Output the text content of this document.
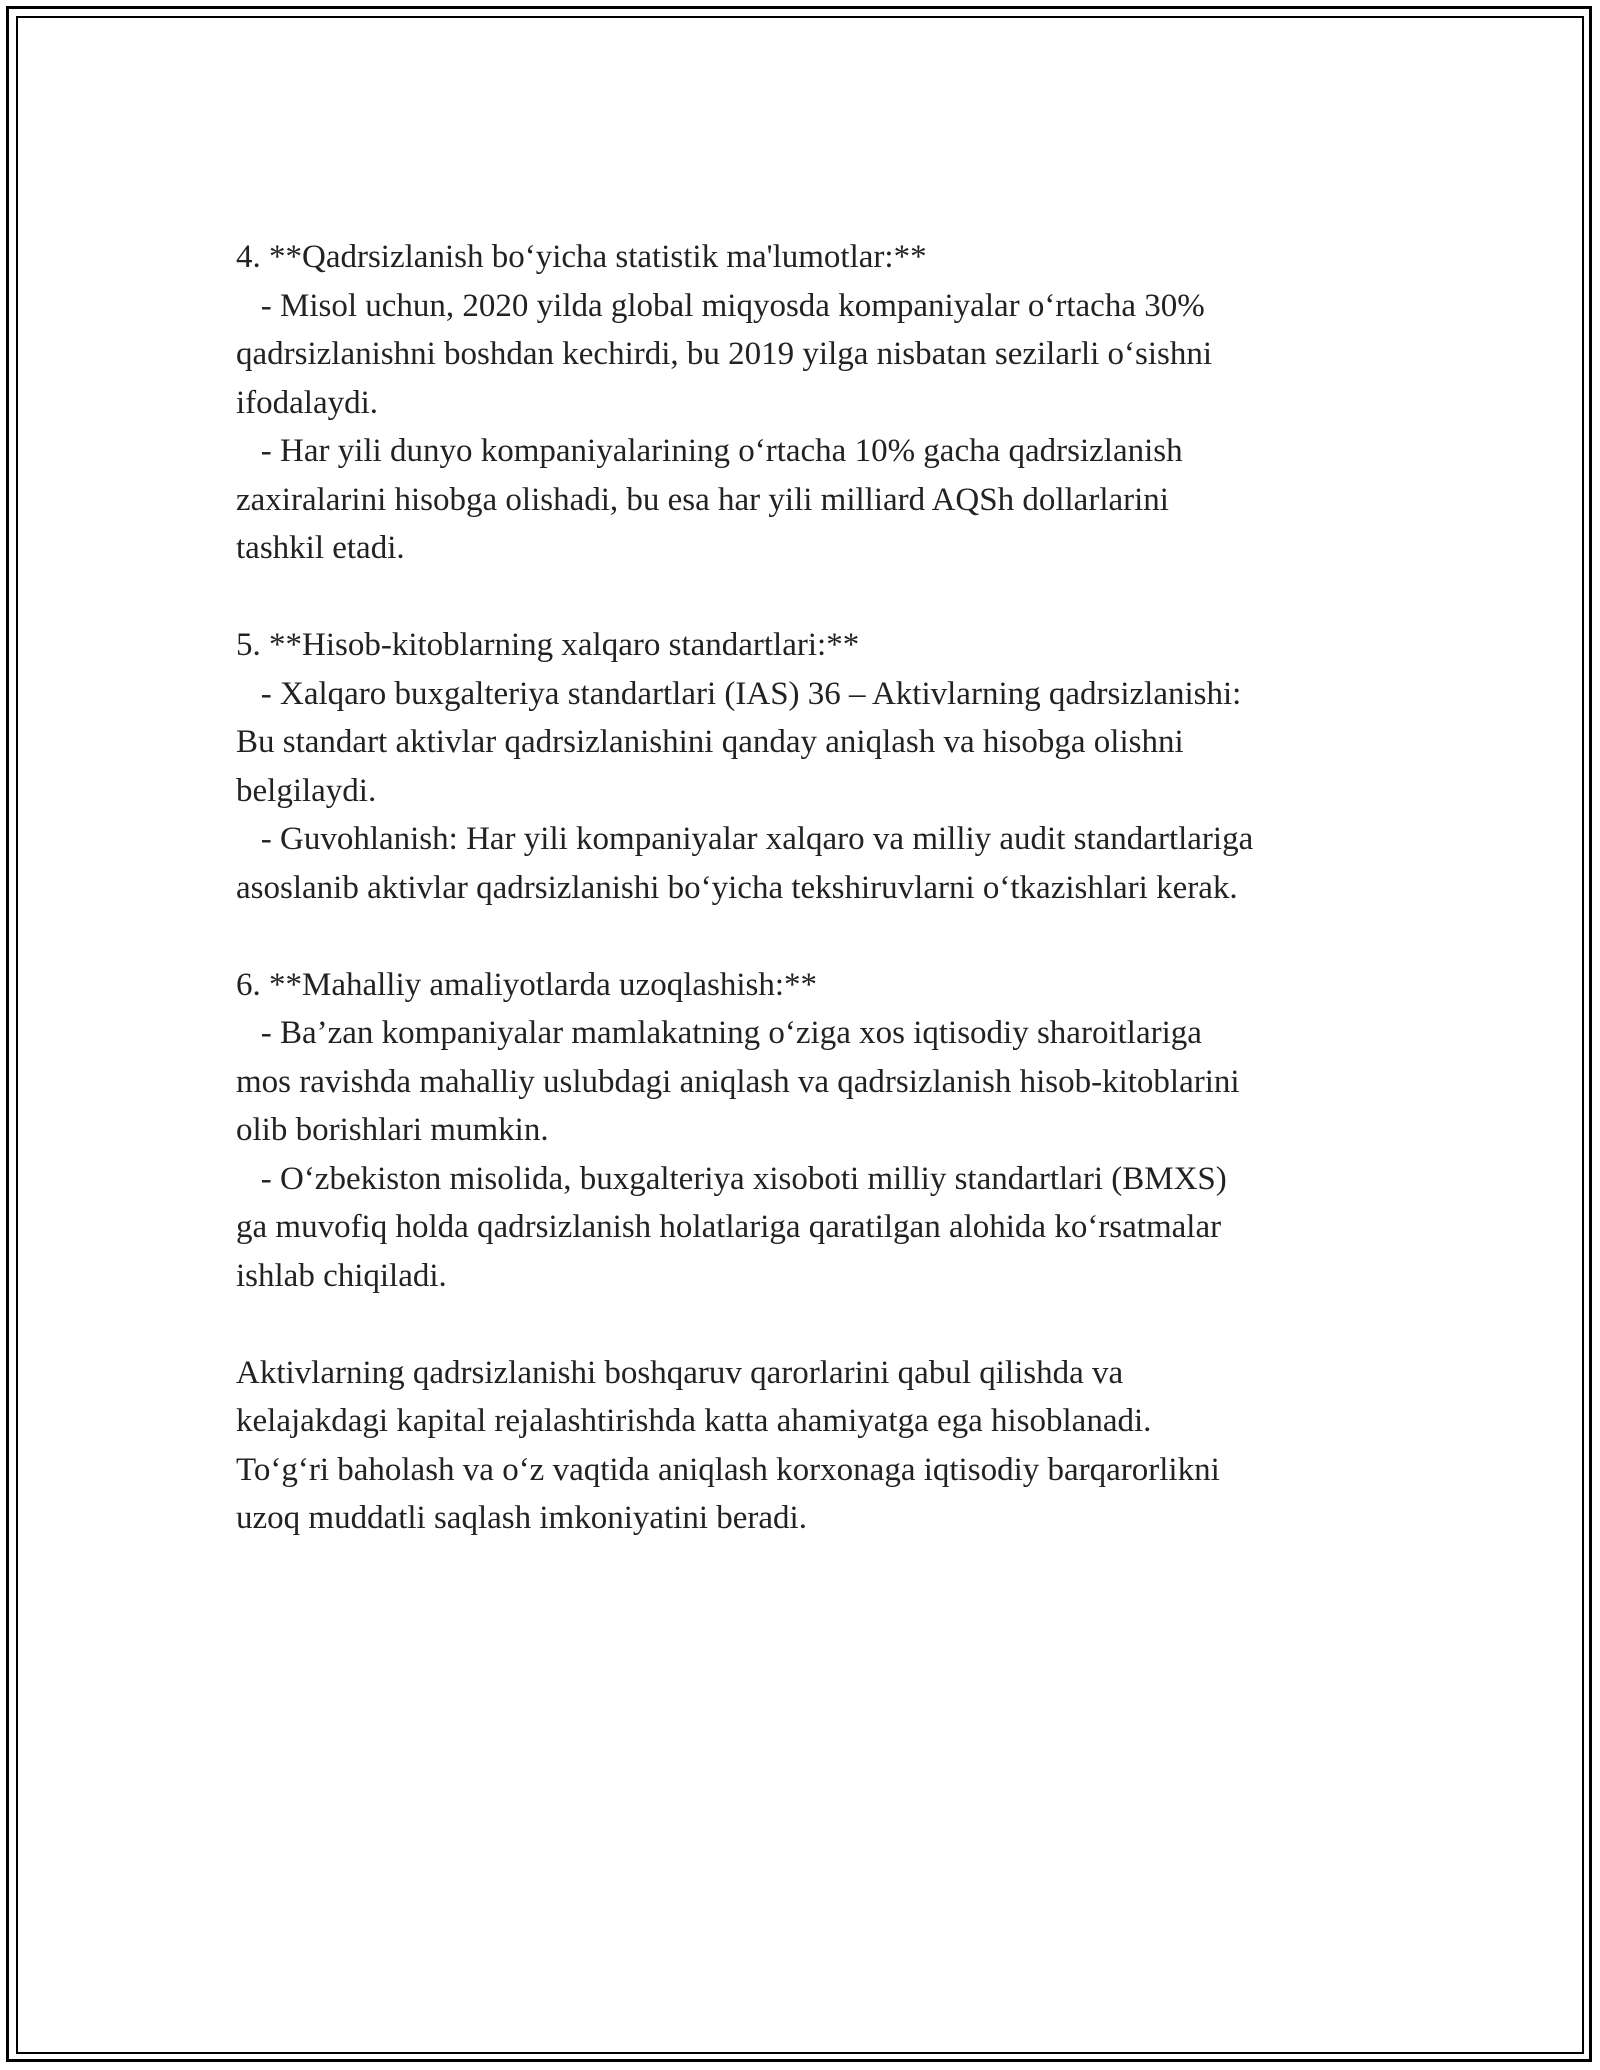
4. **Qadrsizlanish boʻyicha statistik ma'lumotlar:**
- Misol uchun, 2020 yilda global miqyosda kompaniyalar oʻrtacha 30%
qadrsizlanishni boshdan kechirdi, bu 2019 yilga nisbatan sezilarli oʻsishni
ifodalaydi.
- Har yili dunyo kompaniyalarining oʻrtacha 10% gacha qadrsizlanish
zaxiralarini hisobga olishadi, bu esa har yili milliard AQSh dollarlarini
tashkil etadi.
5. **Hisob-kitoblarning xalqaro standartlari:**
- Xalqaro buxgalteriya standartlari (IAS) 36 – Aktivlarning qadrsizlanishi:
Bu standart aktivlar qadrsizlanishini qanday aniqlash va hisobga olishni
belgilaydi.
- Guvohlanish: Har yili kompaniyalar xalqaro va milliy audit standartlariga
asoslanib aktivlar qadrsizlanishi boʻyicha tekshiruvlarni oʻtkazishlari kerak.
6. **Mahalliy amaliyotlarda uzoqlashish:**
- Ba’zan kompaniyalar mamlakatning oʻziga xos iqtisodiy sharoitlariga
mos ravishda mahalliy uslubdagi aniqlash va qadrsizlanish hisob-kitoblarini
olib borishlari mumkin.
- Oʻzbekiston misolida, buxgalteriya xisoboti milliy standartlari (BMXS)
ga muvofiq holda qadrsizlanish holatlariga qaratilgan alohida koʻrsatmalar
ishlab chiqiladi.
Aktivlarning qadrsizlanishi boshqaruv qarorlarini qabul qilishda va
kelajakdagi kapital rejalashtirishda katta ahamiyatga ega hisoblanadi.
Toʻgʻri baholash va oʻz vaqtida aniqlash korxonaga iqtisodiy barqarorlikni
uzoq muddatli saqlash imkoniyatini beradi.
